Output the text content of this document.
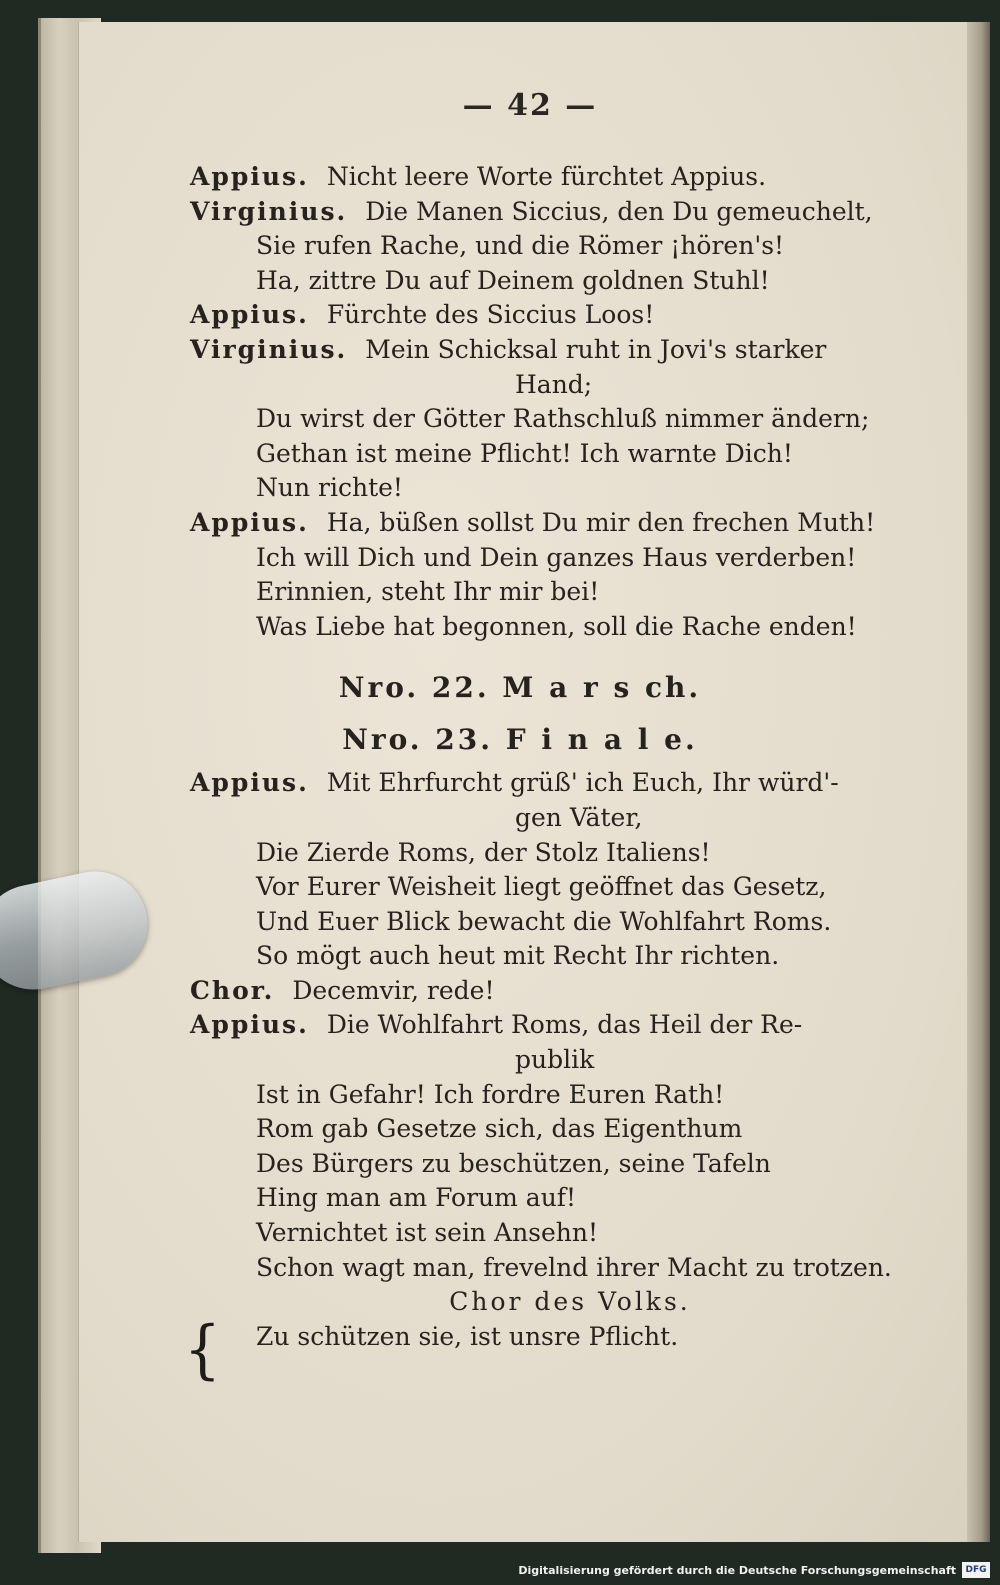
— 42 —
Appius. Nicht leere Worte fürchtet Appius.
Virginius. Die Manen Siccius, den Du gemeuchelt,
Sie rufen Rache, und die Römer ¡hören's!
Ha, zittre Du auf Deinem goldnen Stuhl!
Appius. Fürchte des Siccius Loos!
Virginius. Mein Schicksal ruht in Jovi's starker
Hand;
Du wirst der Götter Rathschluß nimmer ändern;
Gethan ist meine Pflicht! Ich warnte Dich!
Nun richte!
Appius. Ha, büßen sollst Du mir den frechen Muth!
Ich will Dich und Dein ganzes Haus verderben!
Erinnien, steht Ihr mir bei!
Was Liebe hat begonnen, soll die Rache enden!
Nro. 22. M a r s ch.
Nro. 23. F i n a l e.
Appius. Mit Ehrfurcht grüß' ich Euch, Ihr würd'-
gen Väter,
Die Zierde Roms, der Stolz Italiens!
Vor Eurer Weisheit liegt geöffnet das Gesetz,
Und Euer Blick bewacht die Wohlfahrt Roms.
So mögt auch heut mit Recht Ihr richten.
Chor. Decemvir, rede!
Appius. Die Wohlfahrt Roms, das Heil der Re-
publik
Ist in Gefahr! Ich fordre Euren Rath!
Rom gab Gesetze sich, das Eigenthum
Des Bürgers zu beschützen, seine Tafeln
Hing man am Forum auf!
Vernichtet ist sein Ansehn!
Schon wagt man, frevelnd ihrer Macht zu trotzen.
Chor des Volks.
Zu schützen sie, ist unsre Pflicht.
{
Digitalisierung gefördert durch die Deutsche Forschungsgemeinschaft	DFG
